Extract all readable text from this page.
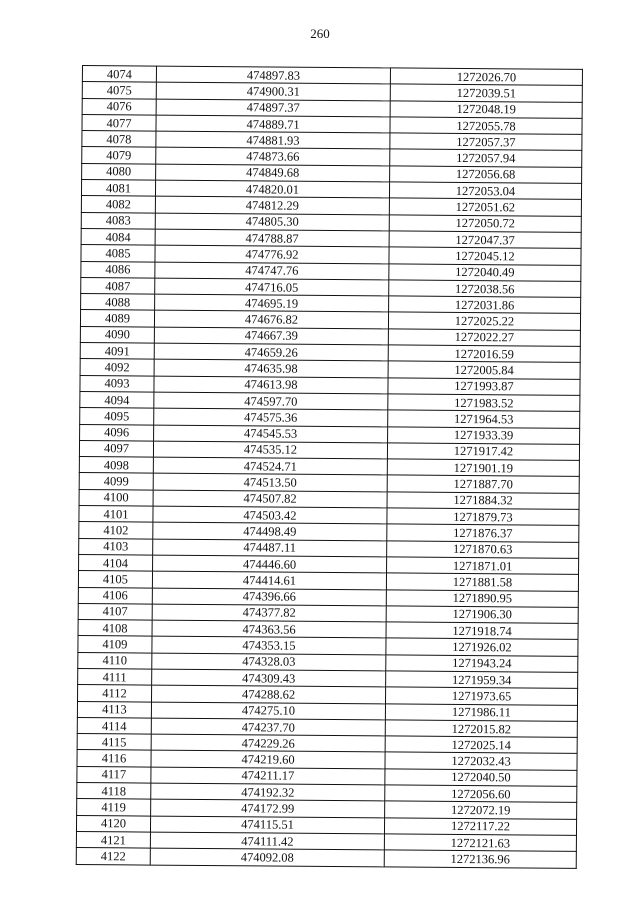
260
4074	474897.83	1272026.70
4075	474900.31	1272039.51
4076	474897.37	1272048.19
4077	474889.71	1272055.78
4078	474881.93	1272057.37
4079	474873.66	1272057.94
4080	474849.68	1272056.68
4081	474820.01	1272053.04
4082	474812.29	1272051.62
4083	474805.30	1272050.72
4084	474788.87	1272047.37
4085	474776.92	1272045.12
4086	474747.76	1272040.49
4087	474716.05	1272038.56
4088	474695.19	1272031.86
4089	474676.82	1272025.22
4090	474667.39	1272022.27
4091	474659.26	1272016.59
4092	474635.98	1272005.84
4093	474613.98	1271993.87
4094	474597.70	1271983.52
4095	474575.36	1271964.53
4096	474545.53	1271933.39
4097	474535.12	1271917.42
4098	474524.71	1271901.19
4099	474513.50	1271887.70
4100	474507.82	1271884.32
4101	474503.42	1271879.73
4102	474498.49	1271876.37
4103	474487.11	1271870.63
4104	474446.60	1271871.01
4105	474414.61	1271881.58
4106	474396.66	1271890.95
4107	474377.82	1271906.30
4108	474363.56	1271918.74
4109	474353.15	1271926.02
4110	474328.03	1271943.24
4111	474309.43	1271959.34
4112	474288.62	1271973.65
4113	474275.10	1271986.11
4114	474237.70	1272015.82
4115	474229.26	1272025.14
4116	474219.60	1272032.43
4117	474211.17	1272040.50
4118	474192.32	1272056.60
4119	474172.99	1272072.19
4120	474115.51	1272117.22
4121	474111.42	1272121.63
4122	474092.08	1272136.96
